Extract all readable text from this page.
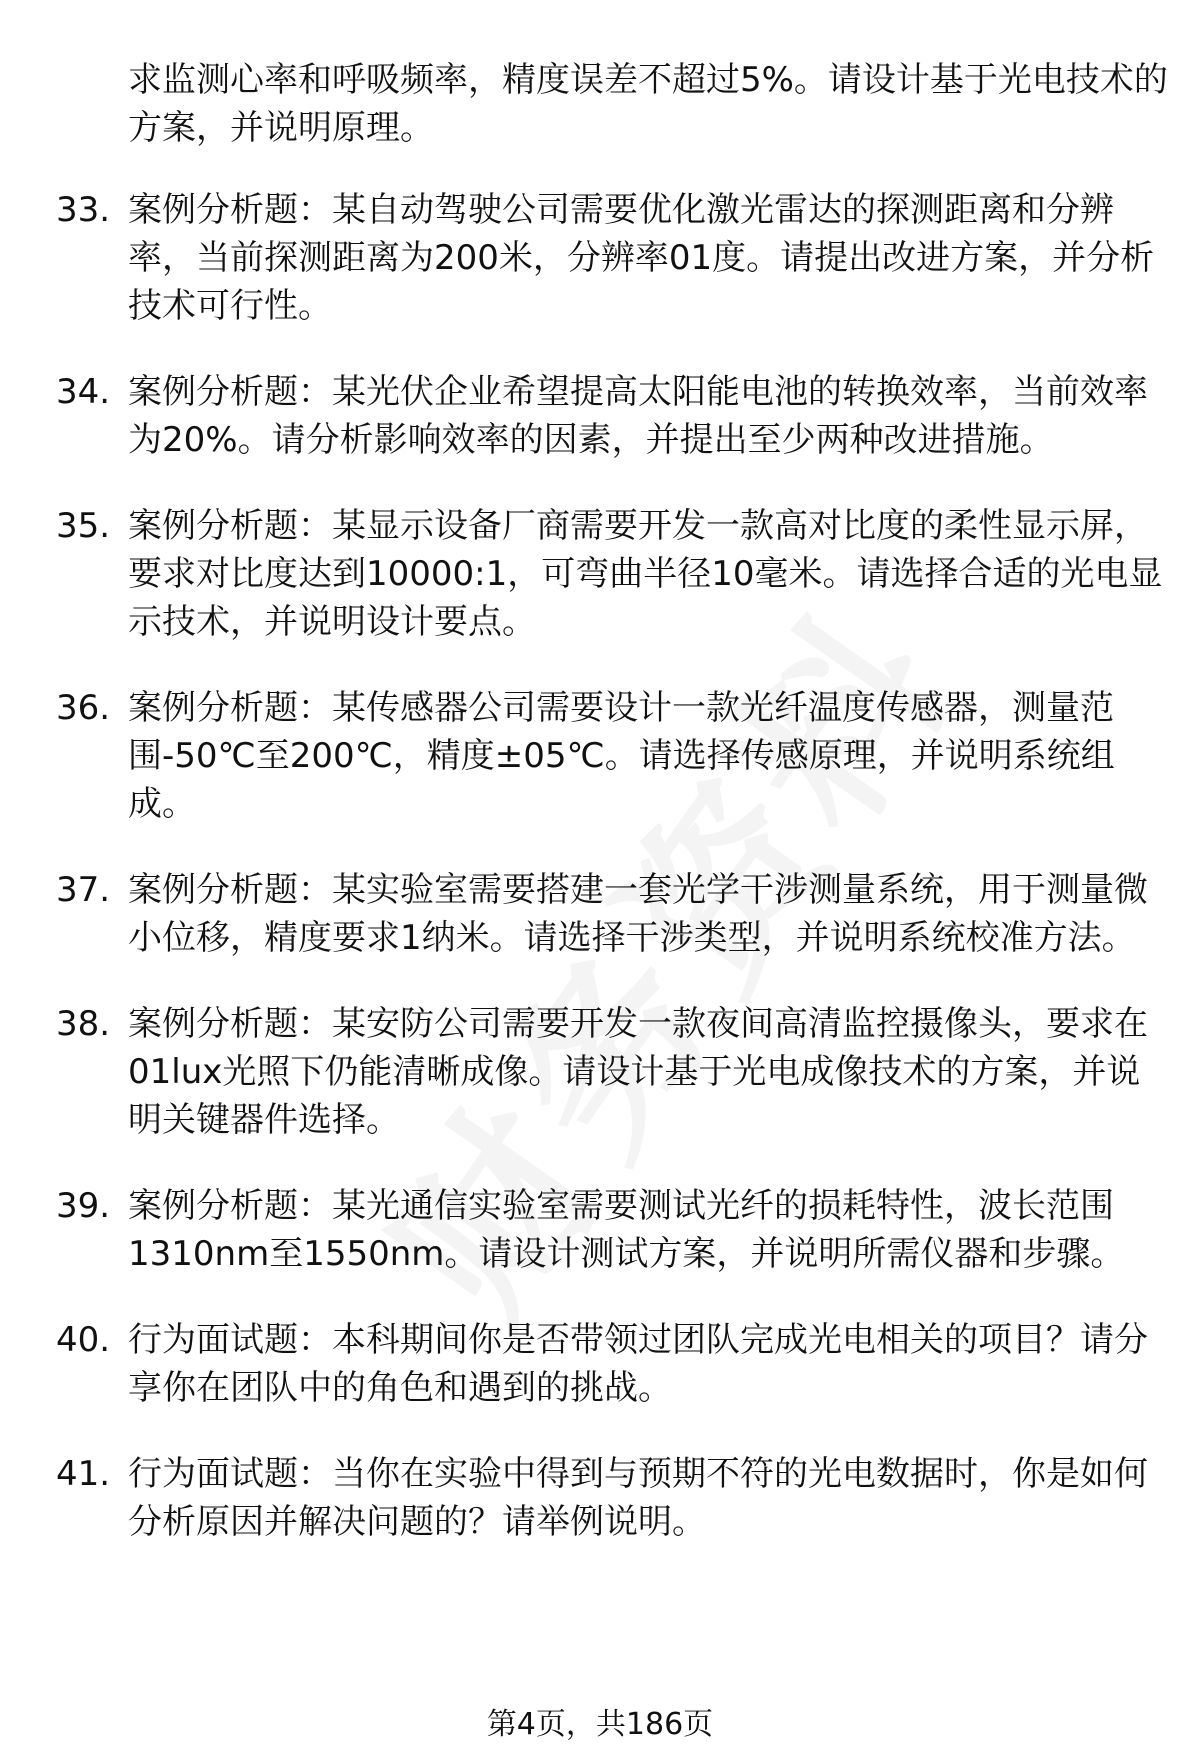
求监测心率和呼吸频率，精度误差不超过5%。请设计基于光电技术的方案，并说明原理。
33. 案例分析题：某自动驾驶公司需要优化激光雷达的探测距离和分辨率，当前探测距离为200米，分辨率01度。请提出改进方案，并分析技术可行性。
34. 案例分析题：某光伏企业希望提高太阳能电池的转换效率，当前效率为20%。请分析影响效率的因素，并提出至少两种改进措施。
35. 案例分析题：某显示设备厂商需要开发一款高对比度的柔性显示屏，要求对比度达到10000:1，可弯曲半径10毫米。请选择合适的光电显示技术，并说明设计要点。
36. 案例分析题：某传感器公司需要设计一款光纤温度传感器，测量范围-50℃至200℃，精度±05℃。请选择传感原理，并说明系统组成。
37. 案例分析题：某实验室需要搭建一套光学干涉测量系统，用于测量微小位移，精度要求1纳米。请选择干涉类型，并说明系统校准方法。
38. 案例分析题：某安防公司需要开发一款夜间高清监控摄像头，要求在01lux光照下仍能清晰成像。请设计基于光电成像技术的方案，并说明关键器件选择。
39. 案例分析题：某光通信实验室需要测试光纤的损耗特性，波长范围1310nm至1550nm。请设计测试方案，并说明所需仪器和步骤。
40. 行为面试题：本科期间你是否带领过团队完成光电相关的项目？请分享你在团队中的角色和遇到的挑战。
41. 行为面试题：当你在实验中得到与预期不符的光电数据时，你是如何分析原因并解决问题的？请举例说明。
第4页，共186页
